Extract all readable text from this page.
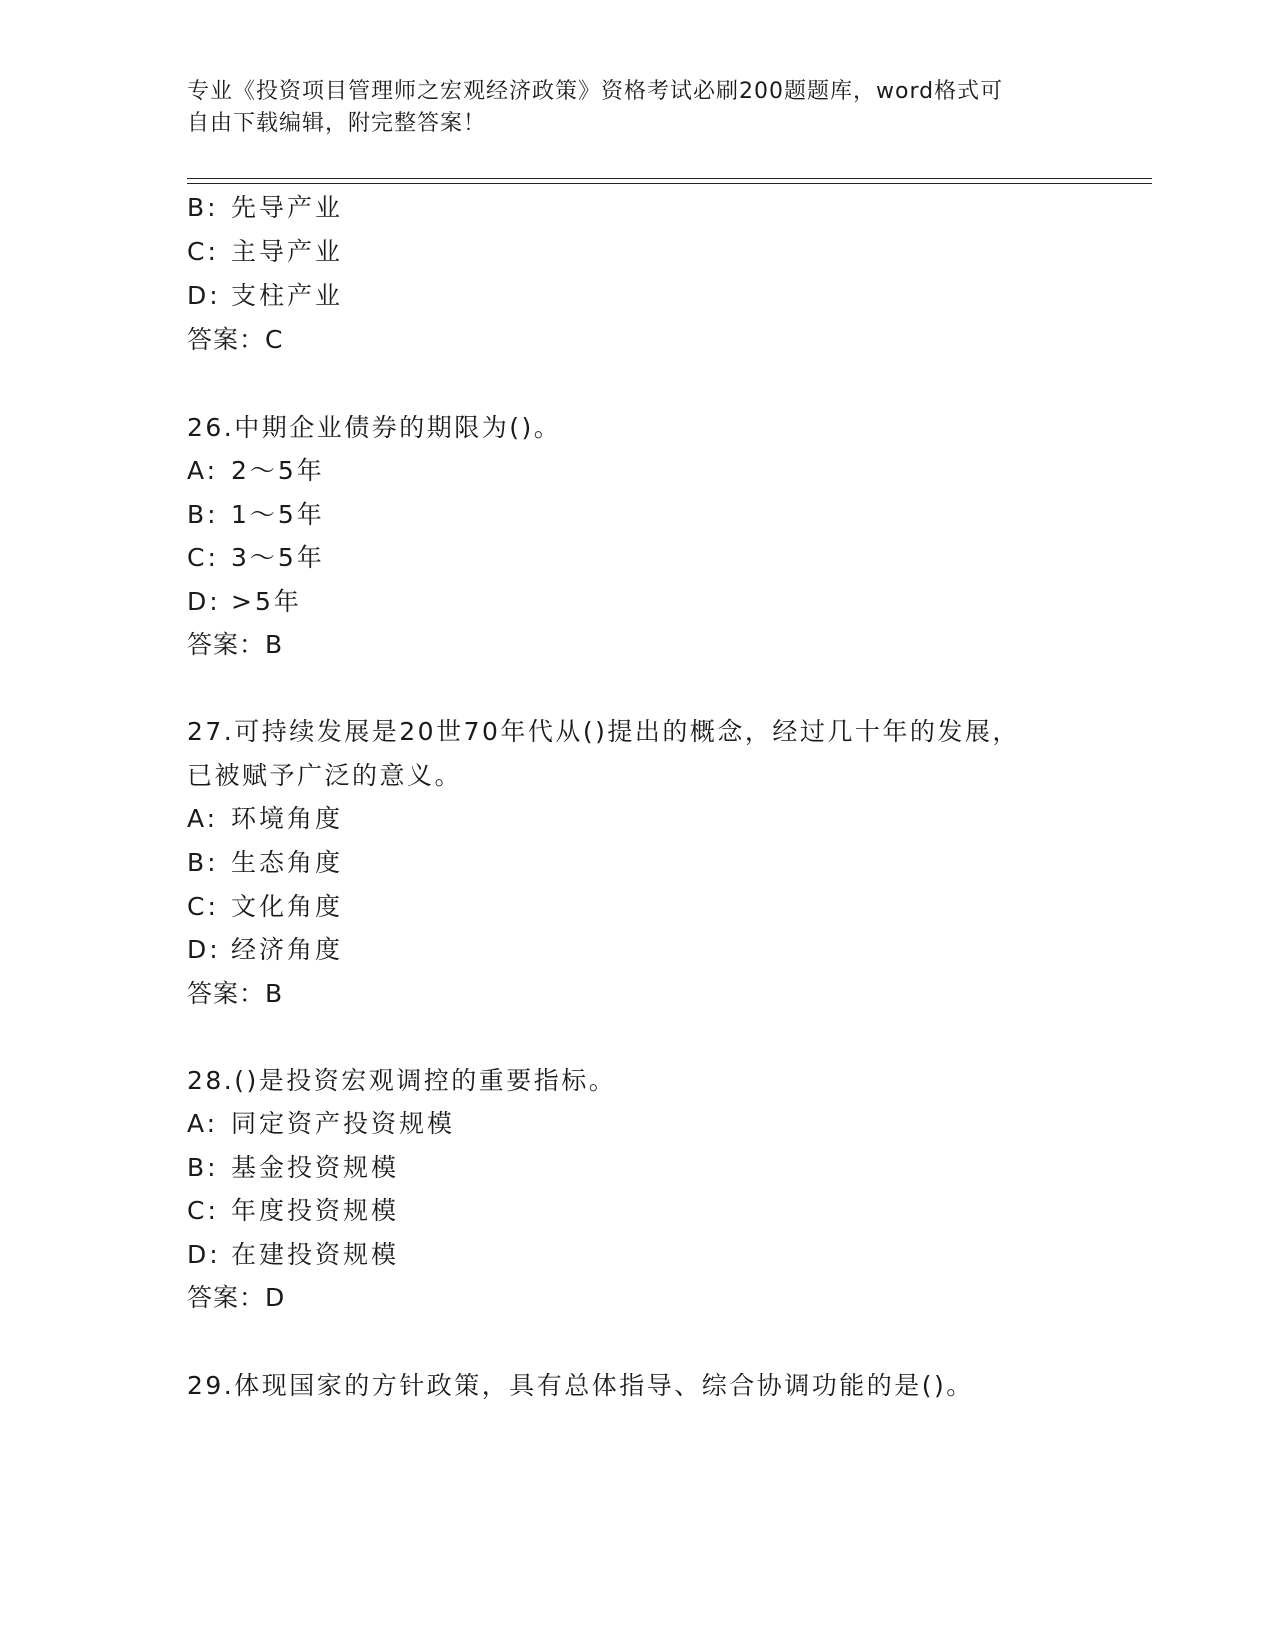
专业《投资项目管理师之宏观经济政策》资格考试必刷200题题库，word格式可
自由下载编辑，附完整答案！
B: 先导产业
C: 主导产业
D: 支柱产业
答案：C
26.中期企业债券的期限为()。
A: 2～5年
B: 1～5年
C: 3～5年
D: >5年
答案：B
27.可持续发展是20世70年代从()提出的概念，经过几十年的发展，
已被赋予广泛的意义。
A: 环境角度
B: 生态角度
C: 文化角度
D: 经济角度
答案：B
28.()是投资宏观调控的重要指标。
A: 同定资产投资规模
B: 基金投资规模
C: 年度投资规模
D: 在建投资规模
答案：D
29.体现国家的方针政策，具有总体指导、综合协调功能的是()。
